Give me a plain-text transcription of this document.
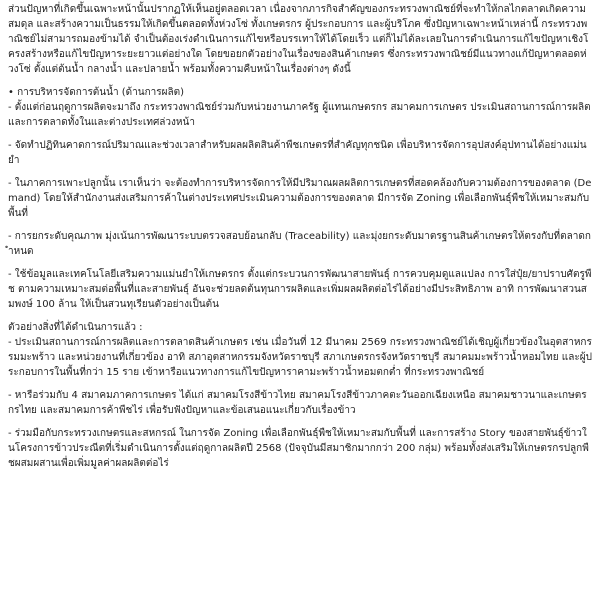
ส่วนปัญหาที่เกิดขึ้นเฉพาะหน้านั้นปรากฏให้เห็นอยู่ตลอดเวลา เนื่องจากภารกิจสำคัญของกระทรวงพาณิชย์ที่จะทำให้กลไกตลาดเกิดความสมดุล และสร้างความเป็นธรรมให้เกิดขึ้นตลอดทั้งห่วงโซ่ ทั้งเกษตรกร ผู้ประกอบการ และผู้บริโภค ซึ่งปัญหาเฉพาะหน้าเหล่านี้ กระทรวงพาณิชย์ไม่สามารถมองข้ามได้ จำเป็นต้องเร่งดำเนินการแก้ไขหรือบรรเทาให้ได้โดยเร็ว แต่ก็ไม่ได้ละเลยในการดำเนินการแก้ไขปัญหาเชิงโครงสร้างหรือแก้ไขปัญหาระยะยาวแต่อย่างใด โดยขอยกตัวอย่างในเรื่องของสินค้าเกษตร ซึ่งกระทรวงพาณิชย์มีแนวทางแก้ปัญหาตลอดห่วงโซ่ ตั้งแต่ต้นน้ำ กลางน้ำ และปลายน้ำ พร้อมทั้งความคืบหน้าในเรื่องต่างๆ ดังนี้

• การบริหารจัดการต้นน้ำ (ด้านการผลิต)

- ตั้งแต่ก่อนฤดูการผลิตจะมาถึง กระทรวงพาณิชย์ร่วมกับหน่วยงานภาครัฐ ผู้แทนเกษตรกร สมาคมการเกษตร ประเมินสถานการณ์การผลิตและการตลาดทั้งในและต่างประเทศล่วงหน้า

- จัดทำปฏิทินคาดการณ์ปริมาณและช่วงเวลาสำหรับผลผลิตสินค้าพืชเกษตรที่สำคัญทุกชนิด เพื่อบริหารจัดการอุปสงค์อุปทานได้อย่างแม่นยำ

- ในภาคการเพาะปลูกนั้น เราเห็นว่า จะต้องทำการบริหารจัดการให้มีปริมาณผลผลิตการเกษตรที่สอดคล้องกับความต้องการของตลาด (Demand) โดยให้สำนักงานส่งเสริมการค้าในต่างประเทศประเมินความต้องการของตลาด มีการจัด Zoning เพื่อเลือกพันธุ์พืชให้เหมาะสมกับพื้นที่

- การยกระดับคุณภาพ มุ่งเน้นการพัฒนาระบบตรวจสอบย้อนกลับ (Traceability) และมุ่งยกระดับมาตรฐานสินค้าเกษตรให้ตรงกับที่ตลาดกำหนด

- ใช้ข้อมูลและเทคโนโลยีเสริมความแม่นยำให้เกษตรกร ตั้งแต่กระบวนการพัฒนาสายพันธุ์ การควบคุมดูแลแปลง การใส่ปุ๋ย/ยาปราบศัตรูพืช ตามความเหมาะสมต่อพื้นที่และสายพันธุ์ อันจะช่วยลดต้นทุนการผลิตและเพิ่มผลผลิตต่อไร่ได้อย่างมีประสิทธิภาพ อาทิ การพัฒนาสวนสมพงษ์ 100 ล้าน ให้เป็นสวนทุเรียนตัวอย่างเป็นต้น

ตัวอย่างสิ่งที่ได้ดำเนินการแล้ว :

- ประเมินสถานการณ์การผลิตและการตลาดสินค้าเกษตร เช่น เมื่อวันที่ 12 มีนาคม 2569 กระทรวงพาณิชย์ได้เชิญผู้เกี่ยวข้องในอุตสาหกรรมมะพร้าว และหน่วยงานที่เกี่ยวข้อง อาทิ สภาอุตสาหกรรมจังหวัดราชบุรี สภาเกษตรกรจังหวัดราชบุรี สมาคมมะพร้าวน้ำหอมไทย และผู้ประกอบการในพื้นที่กว่า 15 ราย เข้าหารือแนวทางการแก้ไขปัญหาราคามะพร้าวน้ำหอมตกต่ำ ที่กระทรวงพาณิชย์

- หารือร่วมกับ 4 สมาคมภาคการเกษตร ได้แก่ สมาคมโรงสีข้าวไทย สมาคมโรงสีข้าวภาคตะวันออกเฉียงเหนือ สมาคมชาวนาและเกษตรกรไทย และสมาคมการค้าพืชไร่ เพื่อรับฟังปัญหาและข้อเสนอแนะเกี่ยวกับเรื่องข้าว

- ร่วมมือกับกระทรวงเกษตรและสหกรณ์ ในการจัด Zoning เพื่อเลือกพันธุ์พืชให้เหมาะสมกับพื้นที่ และการสร้าง Story ของสายพันธุ์ข้าวในโครงการข้าวประณีตที่เริ่มดำเนินการตั้งแต่ฤดูกาลผลิตปี 2568 (ปัจจุบันมีสมาชิกมากกว่า 200 กลุ่ม) พร้อมทั้งส่งเสริมให้เกษตรกรปลูกพืชผสมผสานเพื่อเพิ่มมูลค่าผลผลิตต่อไร่
